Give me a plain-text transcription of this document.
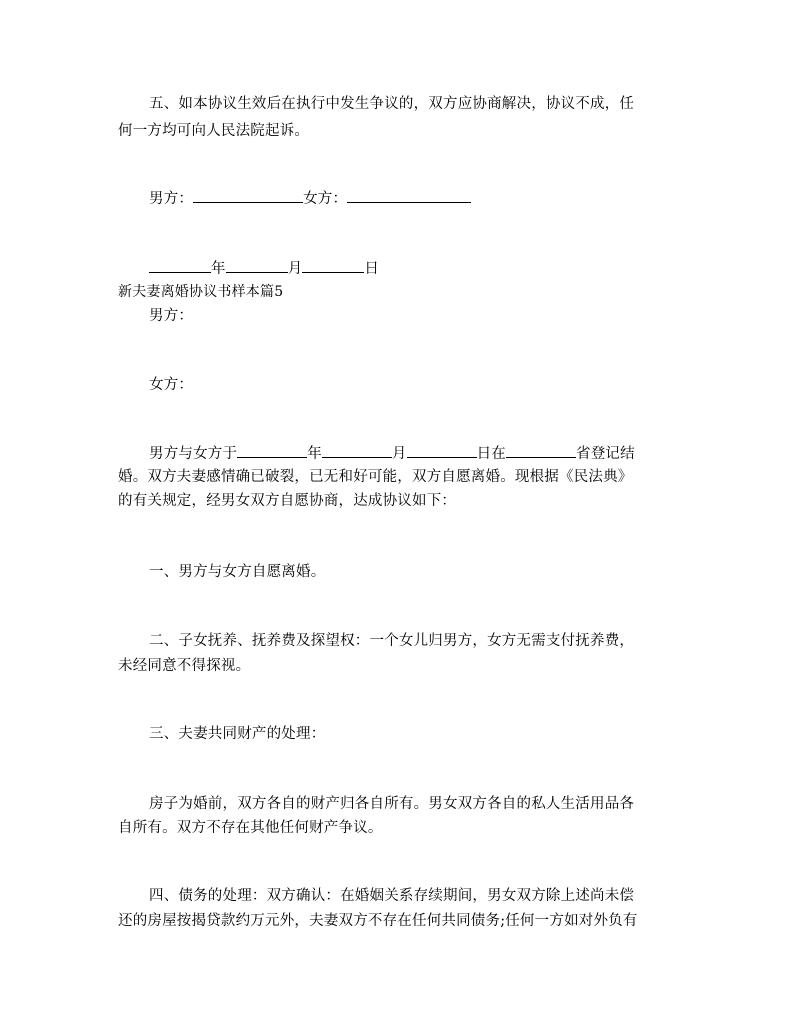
五、如本协议生效后在执行中发生争议的，双方应协商解决，协议不成，任
何一方均可向人民法院起诉。
男方：	女方：
年	月	日
新夫妻离婚协议书样本篇5
男方：
女方：
男方与女方于	年	月	日在	省登记结
婚。双方夫妻感情确已破裂，已无和好可能，双方自愿离婚。现根据《民法典》
的有关规定，经男女双方自愿协商，达成协议如下：
一、男方与女方自愿离婚。
二、子女抚养、抚养费及探望权：一个女儿归男方，女方无需支付抚养费，
未经同意不得探视。
三、夫妻共同财产的处理：
房子为婚前，双方各自的财产归各自所有。男女双方各自的私人生活用品各
自所有。双方不存在其他任何财产争议。
四、债务的处理：双方确认：在婚姻关系存续期间，男女双方除上述尚未偿
还的房屋按揭贷款约万元外，夫妻双方不存在任何共同债务;任何一方如对外负有
